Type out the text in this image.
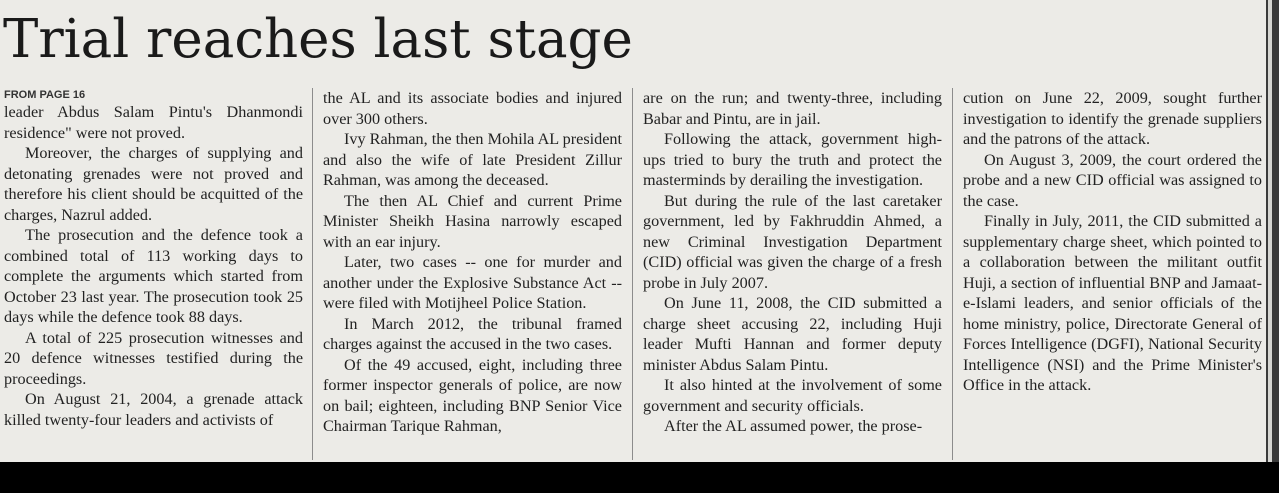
Trial reaches last stage
FROM PAGE 16

leader Abdus Salam Pintu's Dhanmondi residence" were not proved.

Moreover, the charges of supplying and detonating grenades were not proved and therefore his client should be acquitted of the charges, Nazrul added.

The prosecution and the defence took a combined total of 113 working days to complete the arguments which started from October 23 last year. The prosecution took 25 days while the defence took 88 days.

A total of 225 prosecution witnesses and 20 defence witnesses testified during the proceedings.

On August 21, 2004, a grenade attack killed twenty-four leaders and activists of

the AL and its associate bodies and injured over 300 others.

Ivy Rahman, the then Mohila AL president and also the wife of late President Zillur Rahman, was among the deceased.

The then AL Chief and current Prime Minister Sheikh Hasina narrowly escaped with an ear injury.

Later, two cases -- one for murder and another under the Explosive Substance Act -- were filed with Motijheel Police Station.

In March 2012, the tribunal framed charges against the accused in the two cases.

Of the 49 accused, eight, including three former inspector generals of police, are now on bail; eighteen, including BNP Senior Vice Chairman Tarique Rahman,

are on the run; and twenty-three, including Babar and Pintu, are in jail.

Following the attack, government high-ups tried to bury the truth and protect the masterminds by derailing the investigation.

But during the rule of the last caretaker government, led by Fakhruddin Ahmed, a new Criminal Investigation Department (CID) official was given the charge of a fresh probe in July 2007.

On June 11, 2008, the CID submitted a charge sheet accusing 22, including Huji leader Mufti Hannan and former deputy minister Abdus Salam Pintu.

It also hinted at the involvement of some government and security officials.

After the AL assumed power, the prose-

cution on June 22, 2009, sought further investigation to identify the grenade suppliers and the patrons of the attack.

On August 3, 2009, the court ordered the probe and a new CID official was assigned to the case.

Finally in July, 2011, the CID submitted a supplementary charge sheet, which pointed to a collaboration between the militant outfit Huji, a section of influential BNP and Jamaat-e-Islami leaders, and senior officials of the home ministry, police, Directorate General of Forces Intelligence (DGFI), National Security Intelligence (NSI) and the Prime Minister's Office in the attack.
